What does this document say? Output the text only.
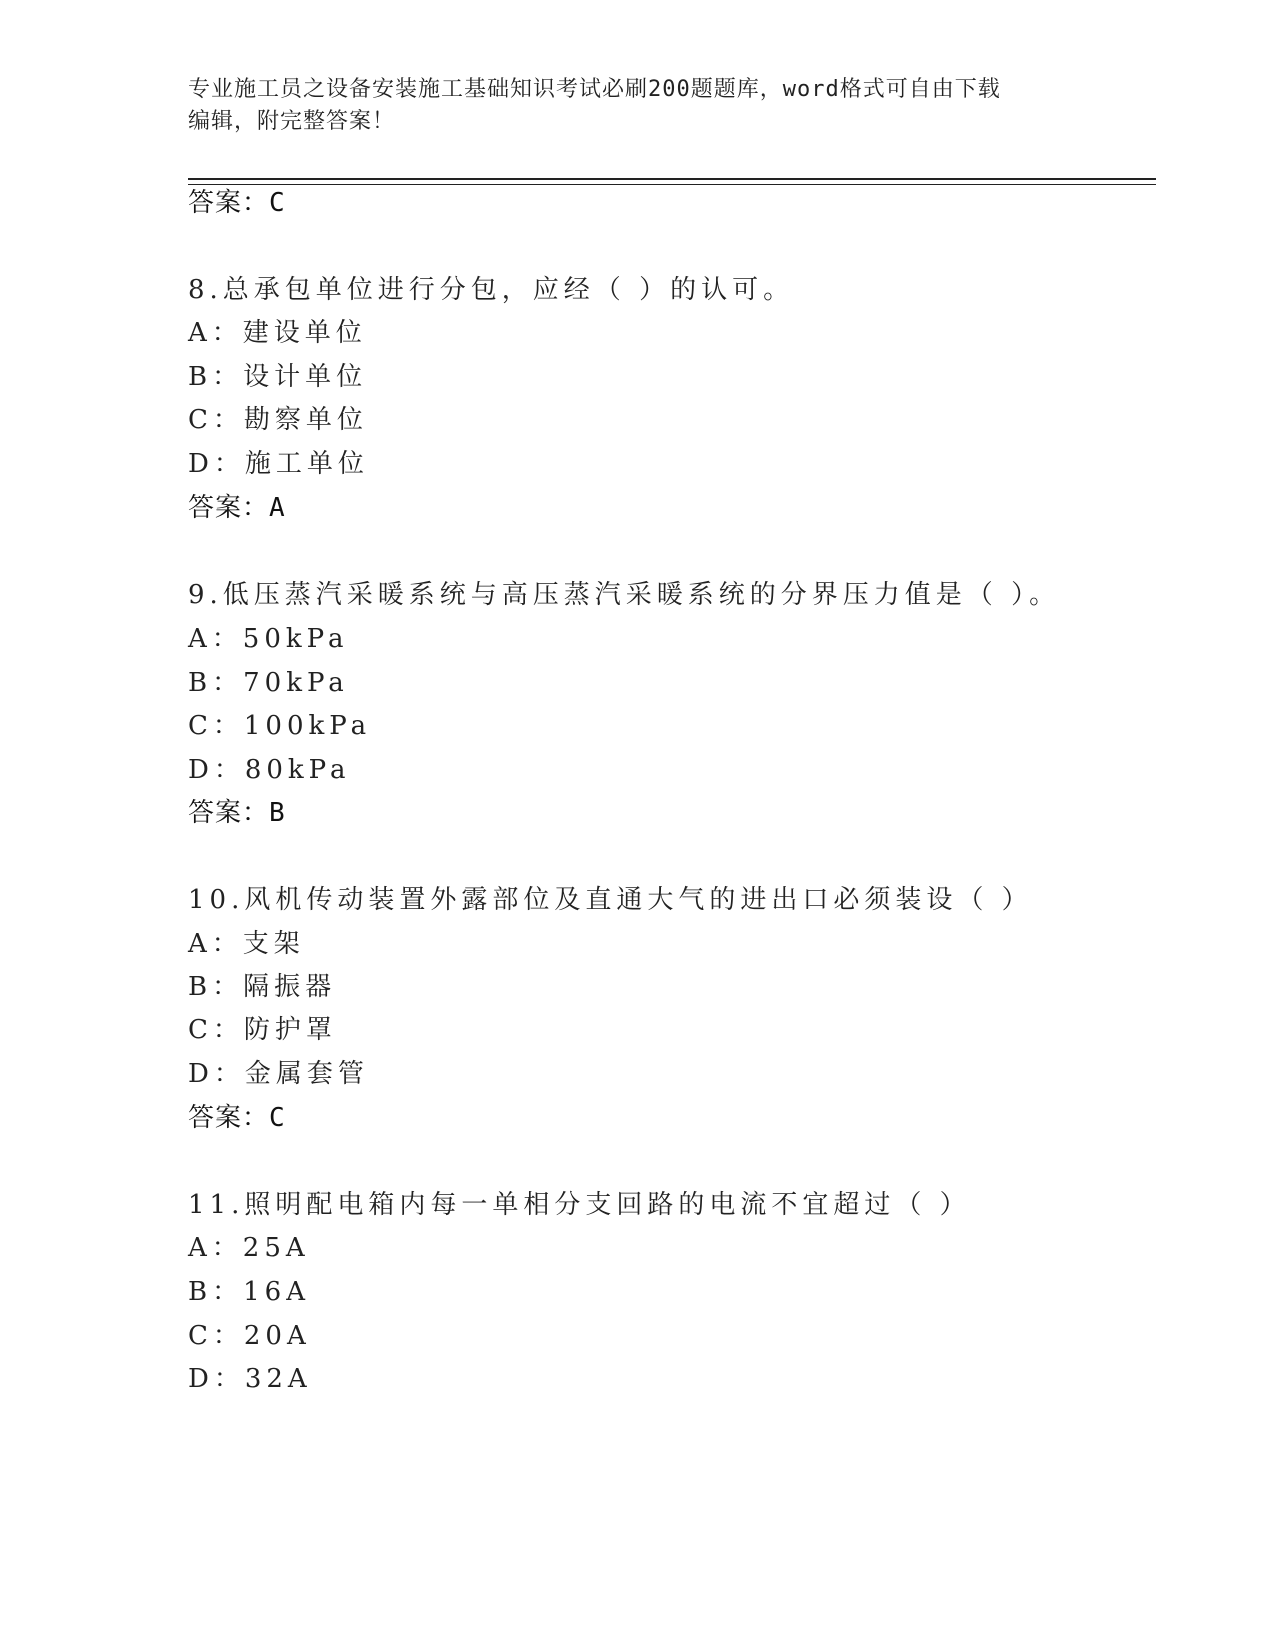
专业施工员之设备安装施工基础知识考试必刷200题题库，word格式可自由下载
编辑，附完整答案！
答案：C
8.总承包单位进行分包，应经（ ）的认可。
A：建设单位
B：设计单位
C：勘察单位
D：施工单位
答案：A
9.低压蒸汽采暖系统与高压蒸汽采暖系统的分界压力值是（ ）。
A：50kPa
B：70kPa
C：100kPa
D：80kPa
答案：B
10.风机传动装置外露部位及直通大气的进出口必须装设（ ）
A：支架
B：隔振器
C：防护罩
D：金属套管
答案：C
11.照明配电箱内每一单相分支回路的电流不宜超过（ ）
A：25A
B：16A
C：20A
D：32A
